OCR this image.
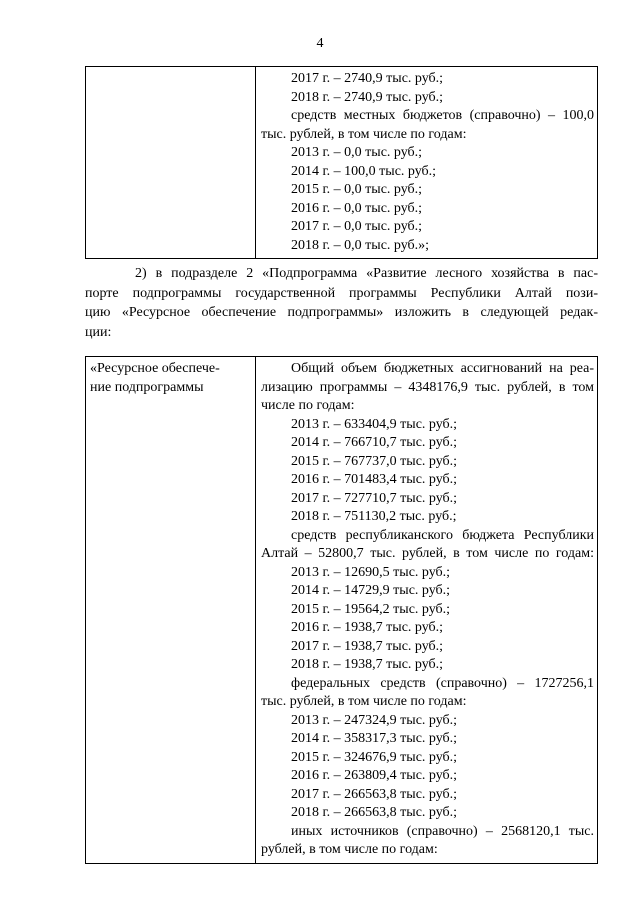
4

2017 г. – 2740,9 тыс. руб.;
2018 г. – 2740,9 тыс. руб.;
средств местных бюджетов (справочно) – 100,0
тыс. рублей, в том числе по годам:
2013 г. – 0,0 тыс. руб.;
2014 г. – 100,0 тыс. руб.;
2015 г. – 0,0 тыс. руб.;
2016 г. – 0,0 тыс. руб.;
2017 г. – 0,0 тыс. руб.;
2018 г. – 0,0 тыс. руб.»;
2) в подразделе 2 «Подпрограмма «Развитие лесного хозяйства в пас-
порте подпрограммы государственной программы Республики Алтай пози-
цию «Ресурсное обеспечение подпрограммы» изложить в следующей редак-
ции:
«Ресурсное обеспече-
ние подпрограммы

Общий объем бюджетных ассигнований на реа-
лизацию программы – 4348176,9 тыс. рублей, в том
числе по годам:
2013 г. – 633404,9 тыс. руб.;
2014 г. – 766710,7 тыс. руб.;
2015 г. – 767737,0 тыс. руб.;
2016 г. – 701483,4 тыс. руб.;
2017 г. – 727710,7 тыс. руб.;
2018 г. – 751130,2 тыс. руб.;
средств республиканского бюджета Республики
Алтай – 52800,7 тыс. рублей, в том числе по годам:
2013 г. – 12690,5 тыс. руб.;
2014 г. – 14729,9 тыс. руб.;
2015 г. – 19564,2 тыс. руб.;
2016 г. – 1938,7 тыс. руб.;
2017 г. – 1938,7 тыс. руб.;
2018 г. – 1938,7 тыс. руб.;
федеральных средств (справочно) – 1727256,1
тыс. рублей, в том числе по годам:
2013 г. – 247324,9 тыс. руб.;
2014 г. – 358317,3 тыс. руб.;
2015 г. – 324676,9 тыс. руб.;
2016 г. – 263809,4 тыс. руб.;
2017 г. – 266563,8 тыс. руб.;
2018 г. – 266563,8 тыс. руб.;
иных источников (справочно) – 2568120,1 тыс.
рублей, в том числе по годам:
